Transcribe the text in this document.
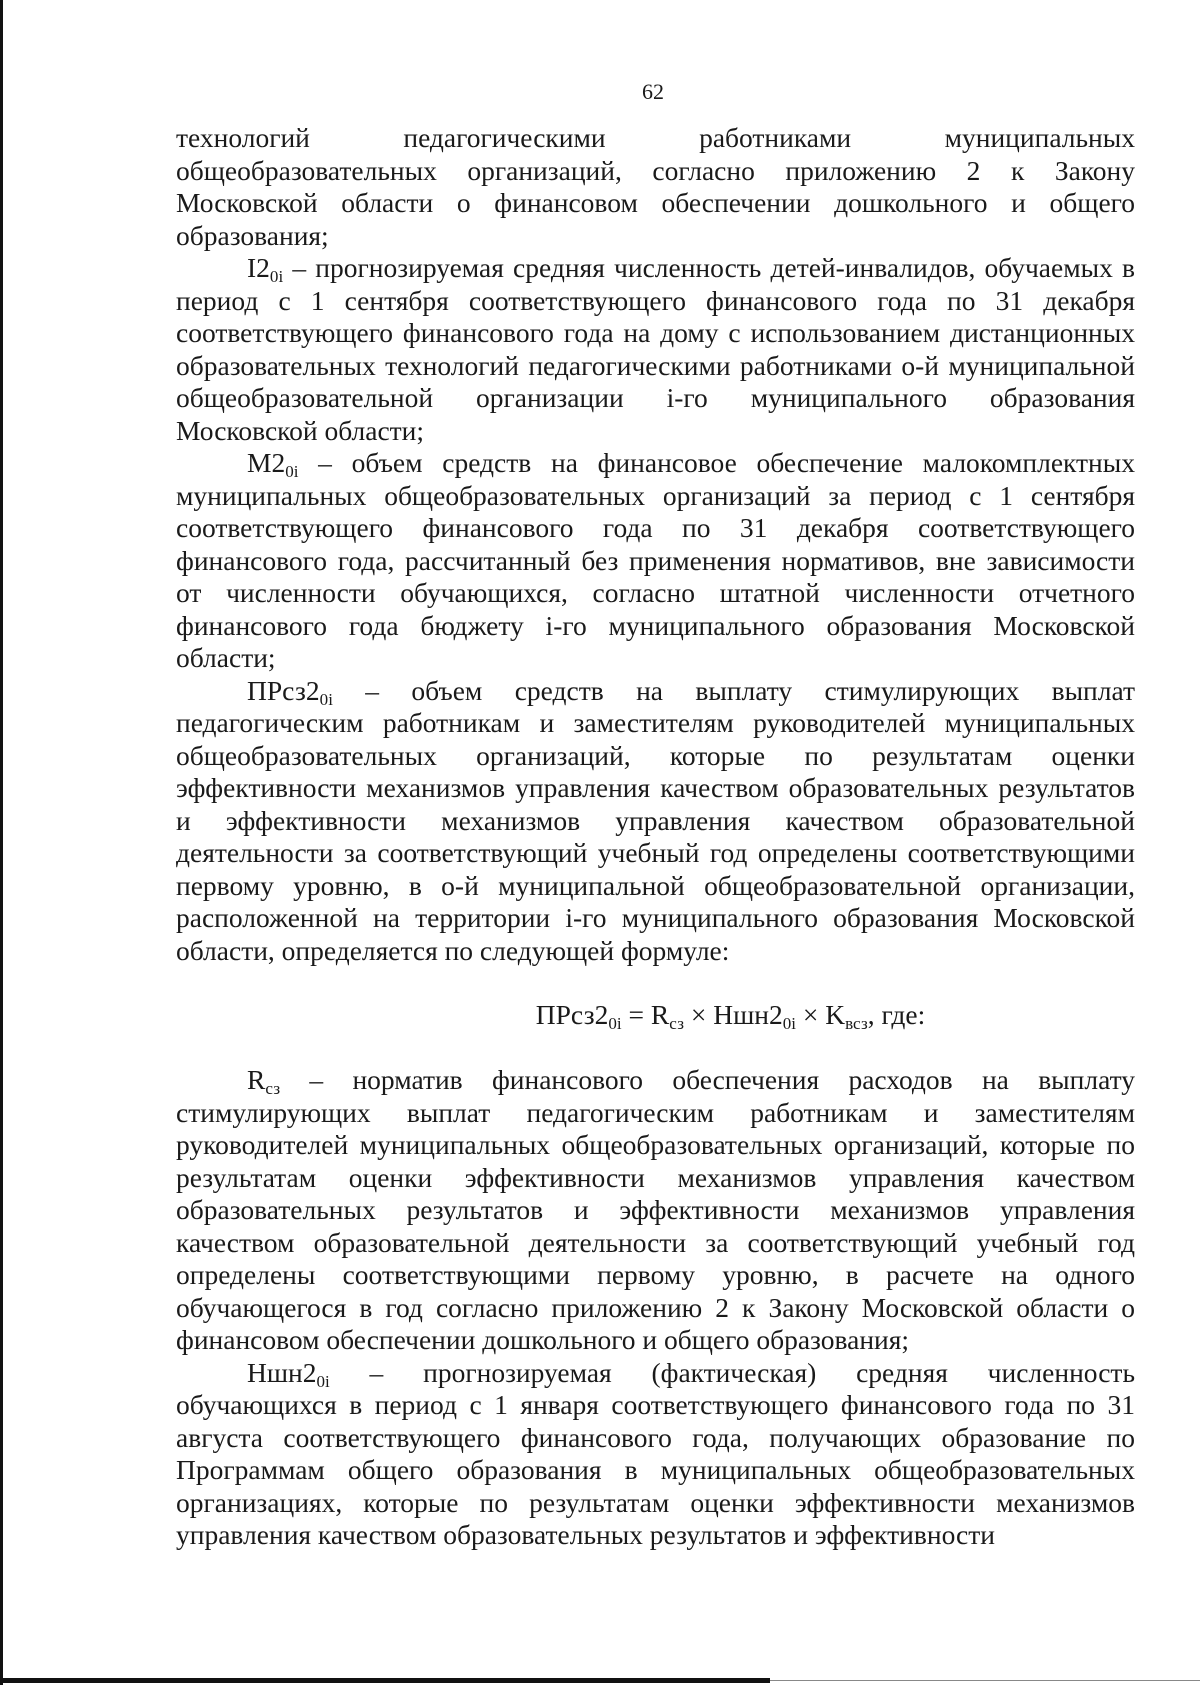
62

технологий педагогическими работниками муниципальных общеобразовательных организаций, согласно приложению 2 к Закону Московской области о финансовом обеспечении дошкольного и общего образования;

$I2_{0i}$ – прогнозируемая средняя численность детей-инвалидов, обучаемых в период с 1 сентября соответствующего финансового года по 31 декабря соответствующего финансового года на дому с использованием дистанционных образовательных технологий педагогическими работниками о-й муниципальной общеобразовательной организации i-го муниципального образования Московской области;

$М2_{0i}$ – объем средств на финансовое обеспечение малокомплектных муниципальных общеобразовательных организаций за период с 1 сентября соответствующего финансового года по 31 декабря соответствующего финансового года, рассчитанный без применения нормативов, вне зависимости от численности обучающихся, согласно штатной численности отчетного финансового года бюджету i-го муниципального образования Московской области;

$ПРсз2_{0i}$ – объем средств на выплату стимулирующих выплат педагогическим работникам и заместителям руководителей муниципальных общеобразовательных организаций, которые по результатам оценки эффективности механизмов управления качеством образовательных результатов и эффективности механизмов управления качеством образовательной деятельности за соответствующий учебный год определены соответствующими первому уровню, в о-й муниципальной общеобразовательной организации, расположенной на территории i-го муниципального образования Московской области, определяется по следующей формуле:

$ПРсз2_{0i} = R_{сз} \times Ншн2_{0i} \times K_{всз}$, где:

$R_{сз}$ – норматив финансового обеспечения расходов на выплату стимулирующих выплат педагогическим работникам и заместителям руководителей муниципальных общеобразовательных организаций, которые по результатам оценки эффективности механизмов управления качеством образовательных результатов и эффективности механизмов управления качеством образовательной деятельности за соответствующий учебный год определены соответствующими первому уровню, в расчете на одного обучающегося в год согласно приложению 2 к Закону Московской области о финансовом обеспечении дошкольного и общего образования;

$Ншн2_{0i}$ – прогнозируемая (фактическая) средняя численность обучающихся в период с 1 января соответствующего финансового года по 31 августа соответствующего финансового года, получающих образование по Программам общего образования в муниципальных общеобразовательных организациях, которые по результатам оценки эффективности механизмов управления качеством образовательных результатов и эффективности
